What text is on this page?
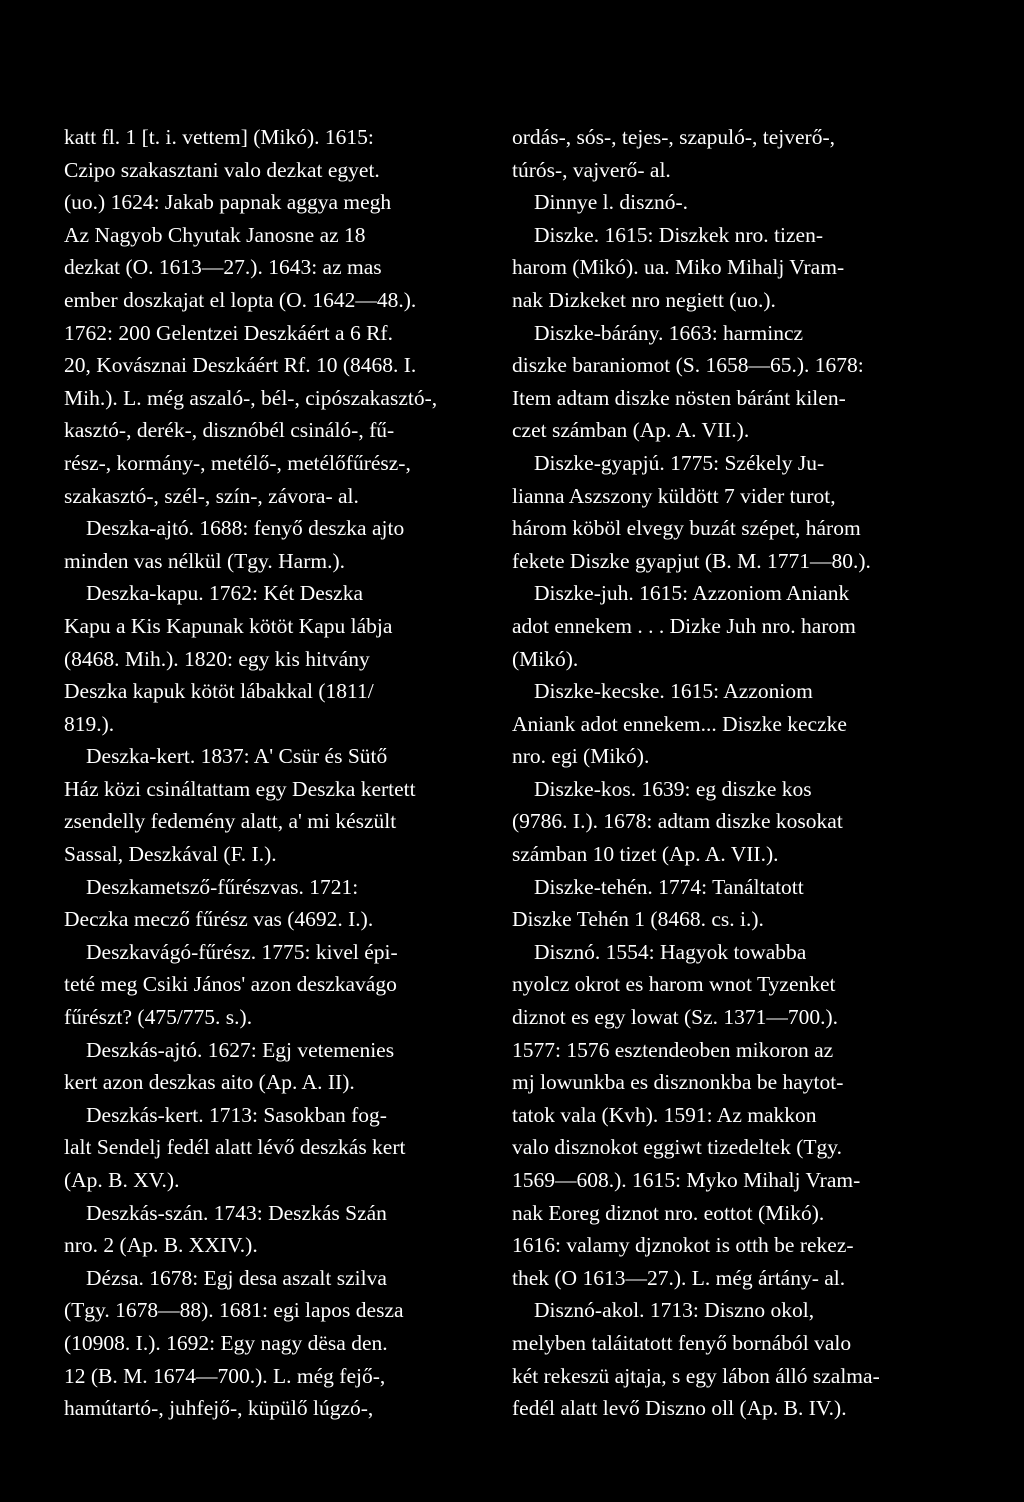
katt fl. 1 [t. i. vettem] (Mikó). 1615:
Czipo szakasztani valo dezkat egyet.
(uo.) 1624: Jakab papnak aggya megh
Az Nagyob Chyutak Janosne az 18
dezkat (O. 1613—27.). 1643: az mas
ember doszkajat el lopta (O. 1642—48.).
1762: 200 Gelentzei Deszkáért a 6 Rf.
20, Kovásznai Deszkáért Rf. 10 (8468. I.
Mih.). L. még aszaló-, bél-, cipószakasztó-,
kasztó-, derék-, disznóbél csináló-, fű-
rész-, kormány-, metélő-, metélőfűrész-,
szakasztó-, szél-, szín-, závora- al.
Deszka-ajtó. 1688: fenyő deszka ajto
minden vas nélkül (Tgy. Harm.).
Deszka-kapu. 1762: Két Deszka
Kapu a Kis Kapunak kötöt Kapu lábja
(8468. Mih.). 1820: egy kis hitvány
Deszka kapuk kötöt lábakkal (1811/
819.).
Deszka-kert. 1837: A' Csür és Sütő
Ház közi csináltattam egy Deszka kertett
zsendelly fedemény alatt, a' mi készült
Sassal, Deszkával (F. I.).
Deszkametsző-fűrészvas. 1721:
Deczka mecző fűrész vas (4692. I.).
Deszkavágó-fűrész. 1775: kivel épi-
teté meg Csiki János' azon deszkavágo
fűrészt? (475/775. s.).
Deszkás-ajtó. 1627: Egj vetemenies
kert azon deszkas aito (Ap. A. II).
Deszkás-kert. 1713: Sasokban fog-
lalt Sendelj fedél alatt lévő deszkás kert
(Ap. B. XV.).
Deszkás-szán. 1743: Deszkás Szán
nro. 2 (Ap. B. XXIV.).
Dézsa. 1678: Egj desa aszalt szilva
(Tgy. 1678—88). 1681: egi lapos desza
(10908. I.). 1692: Egy nagy dësa den.
12 (B. M. 1674—700.). L. még fejő-,
hamútartó-, juhfejő-, küpülő lúgzó-,
ordás-, sós-, tejes-, szapuló-, tejverő-,
túrós-, vajverő- al.
Dinnye l. disznó-.
Diszke. 1615: Diszkek nro. tizen-
harom (Mikó). ua. Miko Mihalj Vram-
nak Dizkeket nro negiett (uo.).
Diszke-bárány. 1663: harmincz
diszke baraniomot (S. 1658—65.). 1678:
Item adtam diszke nösten báránt kilen-
czet számban (Ap. A. VII.).
Diszke-gyapjú. 1775: Székely Ju-
lianna Aszszony küldött 7 vider turot,
három köböl elvegy buzát szépet, három
fekete Diszke gyapjut (B. M. 1771—80.).
Diszke-juh. 1615: Azzoniom Aniank
adot ennekem . . . Dizke Juh nro. harom
(Mikó).
Diszke-kecske. 1615: Azzoniom
Aniank adot ennekem... Diszke keczke
nro. egi (Mikó).
Diszke-kos. 1639: eg diszke kos
(9786. I.). 1678: adtam diszke kosokat
számban 10 tizet (Ap. A. VII.).
Diszke-tehén. 1774: Tanáltatott
Diszke Tehén 1 (8468. cs. i.).
Disznó. 1554: Hagyok towabba
nyolcz okrot es harom wnot Tyzenket
diznot es egy lowat (Sz. 1371—700.).
1577: 1576 esztendeoben mikoron az
mj lowunkba es disznonkba be haytot-
tatok vala (Kvh). 1591: Az makkon
valo disznokot eggiwt tizedeltek (Tgy.
1569—608.). 1615: Myko Mihalj Vram-
nak Eoreg diznot nro. eottot (Mikó).
1616: valamy djznokot is otth be rekez-
thek (O 1613—27.). L. még ártány- al.
Disznó-akol. 1713: Diszno okol,
melyben taláitatott fenyő bornából valo
két rekeszü ajtaja, s egy lábon álló szalma-
fedél alatt levő Diszno oll (Ap. B. IV.).
